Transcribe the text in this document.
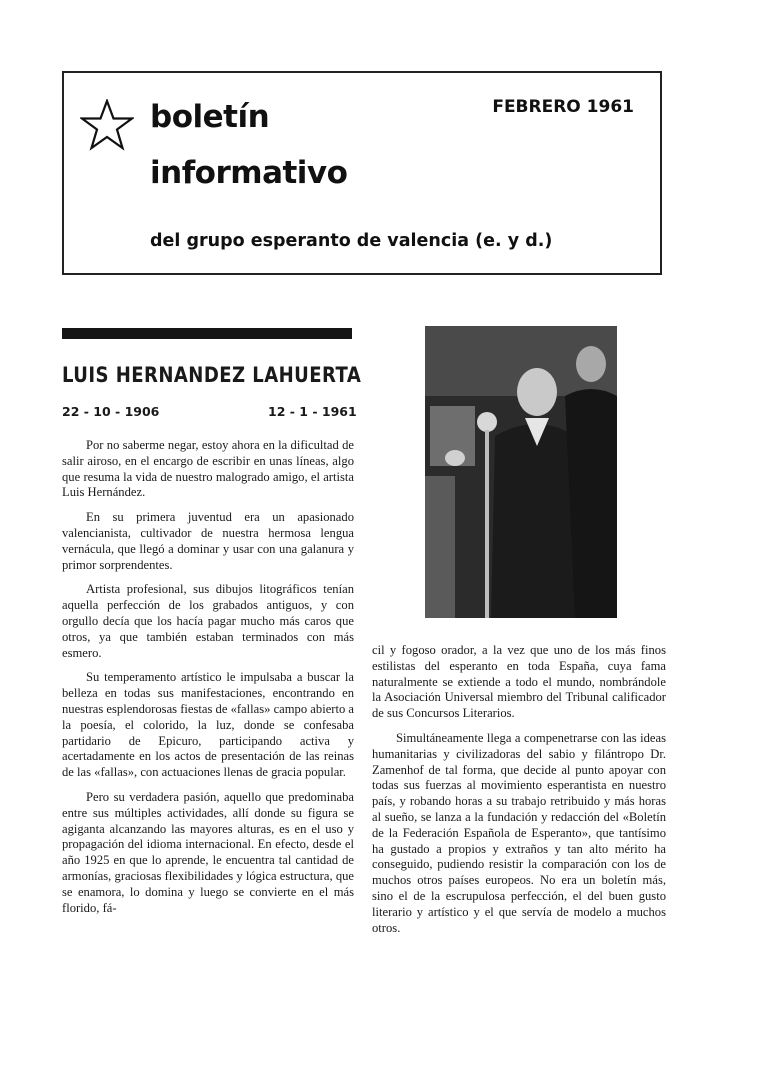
boletín
informativo
FEBRERO 1961
del grupo esperanto de valencia (e. y d.)
LUIS HERNANDEZ LAHUERTA
22 - 10 - 1906	12 - 1 - 1961

Por no saberme negar, estoy ahora en la dificultad de salir airoso, en el encargo de escribir en unas líneas, algo que resuma la vida de nuestro malogrado amigo, el artista Luis Hernández.

En su primera juventud era un apasionado valencianista, cultivador de nuestra hermosa lengua vernácula, que llegó a dominar y usar con una galanura y primor sorprendentes.

Artista profesional, sus dibujos litográficos tenían aquella perfección de los grabados antiguos, y con orgullo decía que los hacía pagar mucho más caros que otros, ya que también estaban terminados con más esmero.

Su temperamento artístico le impulsaba a buscar la belleza en todas sus manifestaciones, encontrando en nuestras esplendorosas fiestas de «fallas» campo abierto a la poesía, el colorido, la luz, donde se confesaba partidario de Epicuro, participando activa y acertadamente en los actos de presentación de las reinas de las «fallas», con actuaciones llenas de gracia popular.

Pero su verdadera pasión, aquello que predominaba entre sus múltiples actividades, allí donde su figura se agiganta alcanzando las mayores alturas, es en el uso y propagación del idioma internacional. En efecto, desde el año 1925 en que lo aprende, le encuentra tal cantidad de armonías, graciosas flexibilidades y lógica estructura, que se enamora, lo domina y luego se convierte en el más florido, fá-

cil y fogoso orador, a la vez que uno de los más finos estilistas del esperanto en toda España, cuya fama naturalmente se extiende a todo el mundo, nombrándole la Asociación Universal miembro del Tribunal calificador de sus Concursos Literarios.

Simultáneamente llega a compenetrarse con las ideas humanitarias y civilizadoras del sabio y filántropo Dr. Zamenhof de tal forma, que decide al punto apoyar con todas sus fuerzas al movimiento esperantista en nuestro país, y robando horas a su trabajo retribuido y más horas al sueño, se lanza a la fundación y redacción del «Boletín de la Federación Española de Esperanto», que tantísimo ha gustado a propios y extraños y tan alto mérito ha conseguido, pudiendo resistir la comparación con los de muchos otros países europeos. No era un boletín más, sino el de la escrupulosa perfección, el del buen gusto literario y artístico y el que servía de modelo a muchos otros.
